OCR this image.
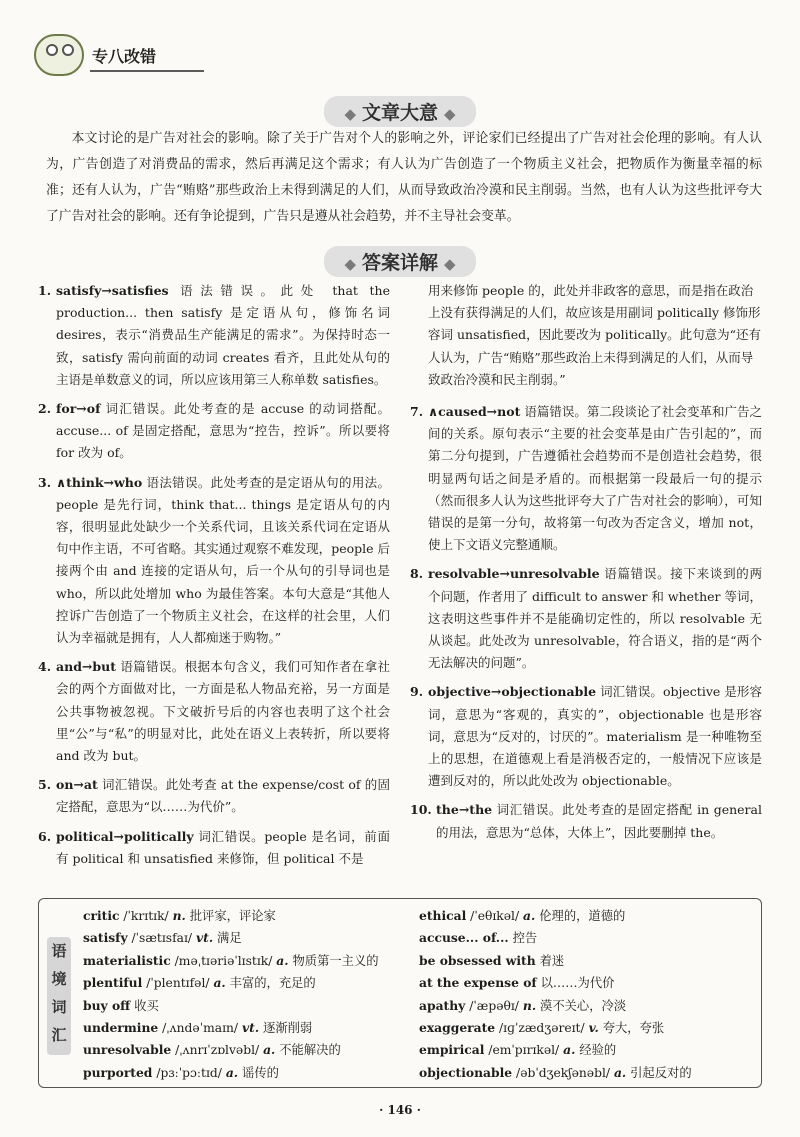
专八改错
◆ 文章大意 ◆

本文讨论的是广告对社会的影响。除了关于广告对个人的影响之外，评论家们已经提出了广告对社会伦理的影响。有人认为，广告创造了对消费品的需求，然后再满足这个需求；有人认为广告创造了一个物质主义社会，把物质作为衡量幸福的标准；还有人认为，广告“贿赂”那些政治上未得到满足的人们，从而导致政治冷漠和民主削弱。当然，也有人认为这些批评夸大了广告对社会的影响。还有争论提到，广告只是遵从社会趋势，并不主导社会变革。

◆ 答案详解 ◆

1. satisfy→satisfies 语法错误。此处 that the production... then satisfy 是定语从句，修饰名词 desires，表示“消费品生产能满足的需求”。为保持时态一致，satisfy 需向前面的动词 creates 看齐，且此处从句的主语是单数意义的词，所以应该用第三人称单数 satisfies。

2. for→of 词汇错误。此处考查的是 accuse 的动词搭配。accuse... of 是固定搭配，意思为“控告，控诉”。所以要将 for 改为 of。

3. ∧think→who 语法错误。此处考查的是定语从句的用法。people 是先行词，think that... things 是定语从句的内容，很明显此处缺少一个关系代词，且该关系代词在定语从句中作主语，不可省略。其实通过观察不难发现，people 后接两个由 and 连接的定语从句，后一个从句的引导词也是 who，所以此处增加 who 为最佳答案。本句大意是“其他人控诉广告创造了一个物质主义社会，在这样的社会里，人们认为幸福就是拥有，人人都痴迷于购物。”

4. and→but 语篇错误。根据本句含义，我们可知作者在拿社会的两个方面做对比，一方面是私人物品充裕，另一方面是公共事物被忽视。下文破折号后的内容也表明了这个社会里“公”与“私”的明显对比，此处在语义上表转折，所以要将 and 改为 but。

5. on→at 词汇错误。此处考查 at the expense/cost of 的固定搭配，意思为“以……为代价”。

6. political→politically 词汇错误。people 是名词，前面有 political 和 unsatisfied 来修饰，但 political 不是

用来修饰 people 的，此处并非政客的意思，而是指在政治上没有获得满足的人们，故应该是用副词 politically 修饰形容词 unsatisfied，因此要改为 politically。此句意为“还有人认为，广告“贿赂”那些政治上未得到满足的人们，从而导致政治冷漠和民主削弱。”

7. ∧caused→not 语篇错误。第二段谈论了社会变革和广告之间的关系。原句表示“主要的社会变革是由广告引起的”，而第二分句提到，广告遵循社会趋势而不是创造社会趋势，很明显两句话之间是矛盾的。而根据第一段最后一句的提示（然而很多人认为这些批评夸大了广告对社会的影响），可知错误的是第一分句，故将第一句改为否定含义，增加 not，使上下文语义完整通顺。

8. resolvable→unresolvable 语篇错误。接下来谈到的两个问题，作者用了 difficult to answer 和 whether 等词，这表明这些事件并不是能确切定性的，所以 resolvable 无从谈起。此处改为 unresolvable，符合语义，指的是“两个无法解决的问题”。

9. objective→objectionable 词汇错误。objective 是形容词，意思为“客观的，真实的”，objectionable 也是形容词，意思为“反对的，讨厌的”。materialism 是一种唯物至上的思想，在道德观上看是消极否定的，一般情况下应该是遭到反对的，所以此处改为 objectionable。

10. the→the 词汇错误。此处考查的是固定搭配 in general 的用法，意思为“总体，大体上”，因此要删掉 the。

语境词汇
critic /ˈkrɪtɪk/ n. 批评家，评论家
satisfy /ˈsætɪsfaɪ/ vt. 满足
materialistic /məˌtɪəriəˈlɪstɪk/ a. 物质第一主义的
plentiful /ˈplentɪfəl/ a. 丰富的，充足的
buy off 收买
undermine /ˌʌndəˈmaɪn/ vt. 逐渐削弱
unresolvable /ˌʌnrɪˈzɒlvəbl/ a. 不能解决的
purported /pɜːˈpɔːtɪd/ a. 谣传的
ethical /ˈeθɪkəl/ a. 伦理的，道德的
accuse... of... 控告
be obsessed with 着迷
at the expense of 以……为代价
apathy /ˈæpəθɪ/ n. 漠不关心，冷淡
exaggerate /ɪɡˈzædʒəreɪt/ v. 夸大，夸张
empirical /emˈpɪrɪkəl/ a. 经验的
objectionable /əbˈdʒekʃənəbl/ a. 引起反对的
· 146 ·
